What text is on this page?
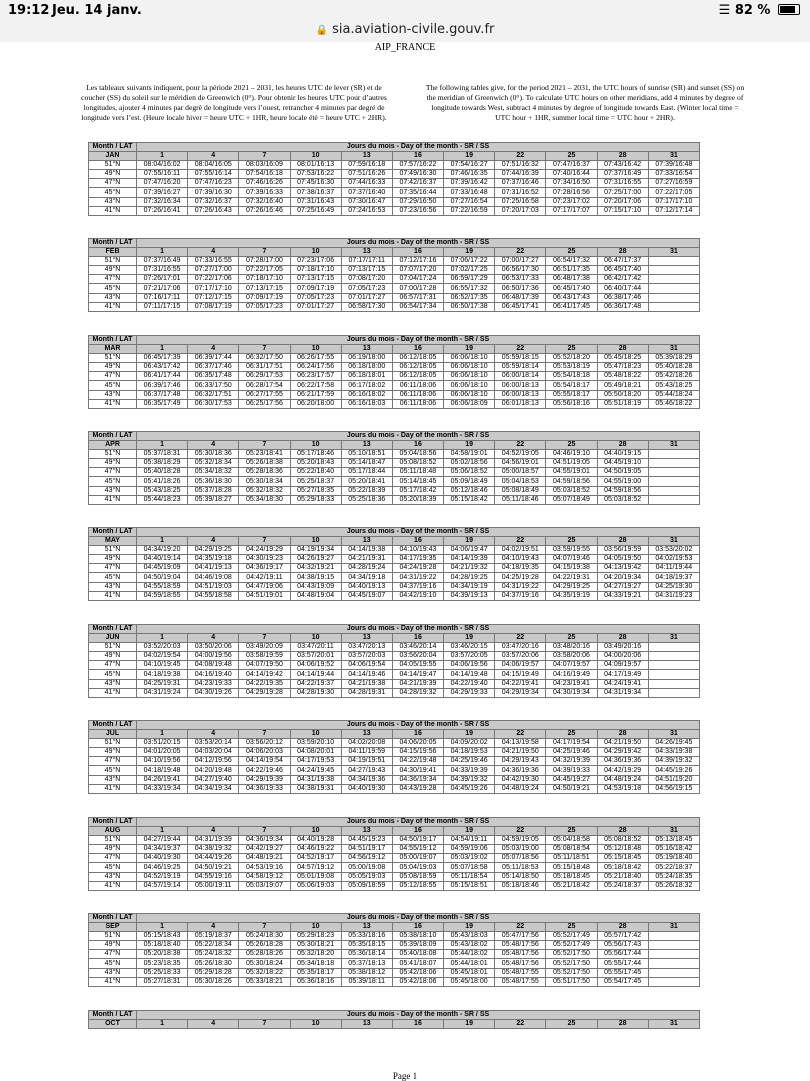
19:12 Jeu. 14 janv.	☰ 82 %
🔒 sia.aviation-civile.gouv.fr
AIP_FRANCE
Les tableaux suivants indiquent, pour la période 2021 – 2031, les heures UTC de lever (SR) et de coucher (SS) du soleil sur le méridien de Greenwich (0°). Pour obtenir les heures UTC pour d’autres longitudes, ajouter 4 minutes par degré de longitude vers l’ouest, retrancher 4 minutes par degré de longitude vers l’est. (Heure locale hiver = heure UTC + 1HR, heure locale été = heure UTC + 2HR).
The following tables give, for the period 2021 – 2031, the UTC hours of sunrise (SR) and sunset (SS) on the meridian of Greenwich (0°). To calculate UTC hours on other meridians, add 4 minutes by degree of longitude towards West, subtract 4 minutes by degree of longitude towards East. (Winter local time = UTC hour + 1HR, summer local time = UTC hour + 2HR).
Month / LAT	Jours du mois - Day of the month - SR / SS										
JAN	1	4	7	10	13	16	19	22	25	28	31
51°N	08:04/16:02	08:04/16:05	08:03/16:09	08:01/16:13	07:59/16:18	07:57/16:22	07:54/16:27	07:51/16:32	07:47/16:37	07:43/16:42	07:39/16:48
49°N	07:55/16:11	07:55/16:14	07:54/16:18	07:53/16:22	07:51/16:26	07:49/16:30	07:46/16:35	07:44/16:39	07:40/16:44	07:37/16:49	07:33/16:54
47°N	07:47/16:20	07:47/16:23	07:46/16:26	07:45/16:30	07:44/16:33	07:42/16:37	07:39/16:42	07:37/16:46	07:34/16:50	07:31/16:55	07:27/16:59
45°N	07:39/16:27	07:39/16:30	07:39/16:33	07:38/16:37	07:37/16:40	07:35/16:44	07:33/16:48	07:31/16:52	07:28/16:56	07:25/17:00	07:22/17:05
43°N	07:32/16:34	07:32/16:37	07:32/16:40	07:31/16:43	07:30/16:47	07:29/16:50	07:27/16:54	07:25/16:58	07:23/17:02	07:20/17:06	07:17/17:10
41°N	07:26/16:41	07:26/16:43	07:26/16:46	07:25/16:49	07:24/16:53	07:23/16:56	07:22/16:59	07:20/17:03	07:17/17:07	07:15/17:10	07:12/17:14
Month / LAT	Jours du mois - Day of the month - SR / SS										
FEB	1	4	7	10	13	16	19	22	25	28	31
51°N	07:37/16:49	07:33/16:55	07:28/17:00	07:23/17:06	07:17/17:11	07:12/17:16	07:06/17:22	07:00/17:27	06:54/17:32	06:47/17:37	
49°N	07:31/16:55	07:27/17:00	07:22/17:05	07:18/17:10	07:13/17:15	07:07/17:20	07:02/17:25	06:56/17:30	06:51/17:35	06:45/17:40	
47°N	07:26/17:01	07:22/17:06	07:18/17:10	07:13/17:15	07:08/17:20	07:04/17:24	06:59/17:29	06:53/17:33	06:48/17:38	06:42/17:42	
45°N	07:21/17:06	07:17/17:10	07:13/17:15	07:09/17:19	07:05/17:23	07:00/17:28	06:55/17:32	06:50/17:36	06:45/17:40	06:40/17:44	
43°N	07:16/17:11	07:12/17:15	07:09/17:19	07:05/17:23	07:01/17:27	06:57/17:31	06:52/17:35	06:48/17:39	06:43/17:43	06:38/17:46	
41°N	07:11/17:15	07:08/17:19	07:05/17:23	07:01/17:27	06:58/17:30	06:54/17:34	06:50/17:38	06:45/17:41	06:41/17:45	06:36/17:48	
Month / LAT	Jours du mois - Day of the month - SR / SS										
MAR	1	4	7	10	13	16	19	22	25	28	31
51°N	06:45/17:39	06:39/17:44	06:32/17:50	06:26/17:55	06:19/18:00	06:12/18:05	06:06/18:10	05:59/18:15	05:52/18:20	05:45/18:25	05:39/18:29
49°N	06:43/17:42	06:37/17:46	06:31/17:51	06:24/17:56	06:18/18:00	06:12/18:05	06:06/18:10	05:59/18:14	05:53/18:19	05:47/18:23	05:40/18:28
47°N	06:41/17:44	06:35/17:48	06:29/17:53	06:23/17:57	06:18/18:01	06:12/18:05	06:06/18:10	06:00/18:14	05:54/18:18	05:48/18:22	05:42/18:26
45°N	06:39/17:46	06:33/17:50	06:28/17:54	06:22/17:58	06:17/18:02	06:11/18:06	06:06/18:10	06:00/18:13	05:54/18:17	05:49/18:21	05:43/18:25
43°N	06:37/17:48	06:32/17:51	06:27/17:55	06:21/17:59	06:16/18:02	06:11/18:06	06:06/18:10	06:00/18:13	05:55/18:17	05:50/18:20	05:44/18:24
41°N	06:35/17:49	06:30/17:53	06:25/17:56	06:20/18:00	06:16/18:03	06:11/18:06	06:06/18:09	06:01/18:13	05:56/18:16	05:51/18:19	05:46/18:22
Month / LAT	Jours du mois - Day of the month - SR / SS										
APR	1	4	7	10	13	16	19	22	25	28	31
51°N	05:37/18:31	05:30/18:36	05:23/18:41	05:17/18:46	05:10/18:51	05:04/18:56	04:58/19:01	04:52/19:05	04:46/19:10	04:40/19:15	
49°N	05:38/18:29	05:32/18:34	05:26/18:38	05:20/18:43	05:14/18:47	05:08/18:52	05:02/18:56	04:56/19:01	04:51/19:05	04:45/19:10	
47°N	05:40/18:28	05:34/18:32	05:28/18:36	05:22/18:40	05:17/18:44	05:11/18:48	05:06/18:52	05:00/18:57	04:55/19:01	04:50/19:05	
45°N	05:41/18:26	05:36/18:30	05:30/18:34	05:25/18:37	05:20/18:41	05:14/18:45	05:09/18:49	05:04/18:53	04:59/18:56	04:55/19:00	
43°N	05:43/18:25	05:37/18:28	05:32/18:32	05:27/18:35	05:22/18:39	05:17/18:42	05:12/18:46	05:08/18:49	05:03/18:52	04:59/18:56	
41°N	05:44/18:23	05:39/18:27	05:34/18:30	05:29/18:33	05:25/18:36	05:20/18:39	05:15/18:42	05:11/18:46	05:07/18:49	05:03/18:52	
Month / LAT	Jours du mois - Day of the month - SR / SS										
MAY	1	4	7	10	13	16	19	22	25	28	31
51°N	04:34/19:20	04:29/19:25	04:24/19:29	04:19/19:34	04:14/19:38	04:10/19:43	04:06/19:47	04:02/19:51	03:59/19:55	03:56/19:59	03:53/20:02
49°N	04:40/19:14	04:35/19:18	04:30/19:23	04:26/19:27	04:21/19:31	04:17/19:35	04:14/19:39	04:10/19:43	04:07/19:46	04:05/19:50	04:02/19:53
47°N	04:45/19:09	04:41/19:13	04:36/19:17	04:32/19:21	04:28/19:24	04:24/19:28	04:21/19:32	04:18/19:35	04:15/19:38	04:13/19:42	04:11/19:44
45°N	04:50/19:04	04:46/19:08	04:42/19:11	04:38/19:15	04:34/19:18	04:31/19:22	04:28/19:25	04:25/19:28	04:22/19:31	04:20/19:34	04:18/19:37
43°N	04:55/18:59	04:51/19:03	04:47/19:06	04:43/19:09	04:40/19:13	04:37/19:16	04:34/19:19	04:31/19:22	04:29/19:25	04:27/19:27	04:25/19:30
41°N	04:59/18:55	04:55/18:58	04:51/19:01	04:48/19:04	04:45/19:07	04:42/19:10	04:39/19:13	04:37/19:16	04:35/19:19	04:33/19:21	04:31/19:23
Month / LAT	Jours du mois - Day of the month - SR / SS										
JUN	1	4	7	10	13	16	19	22	25	28	31
51°N	03:52/20:03	03:50/20:06	03:49/20:09	03:47/20:11	03:47/20:13	03:46/20:14	03:46/20:15	03:47/20:16	03:48/20:16	03:49/20:16	
49°N	04:02/19:54	04:00/19:56	03:58/19:59	03:57/20:01	03:57/20:03	03:56/20:04	03:57/20:05	03:57/20:06	03:58/20:06	04:00/20:06	
47°N	04:10/19:45	04:08/19:48	04:07/19:50	04:06/19:52	04:06/19:54	04:05/19:55	04:06/19:56	04:06/19:57	04:07/19:57	04:09/19:57	
45°N	04:18/19:38	04:16/19:40	04:14/19:42	04:14/19:44	04:14/19:46	04:14/19:47	04:14/19:48	04:15/19:49	04:16/19:49	04:17/19:49	
43°N	04:25/19:31	04:23/19:33	04:22/19:35	04:22/19:37	04:21/19:38	04:21/19:39	04:22/19:40	04:22/19:41	04:23/19:41	04:24/19:41	
41°N	04:31/19:24	04:30/19:26	04:29/19:28	04:28/19:30	04:28/19:31	04:28/19:32	04:29/19:33	04:29/19:34	04:30/19:34	04:31/19:34	
Month / LAT	Jours du mois - Day of the month - SR / SS										
JUL	1	4	7	10	13	16	19	22	25	28	31
51°N	03:51/20:15	03:53/20:14	03:56/20:12	03:59/20:10	04:02/20:08	04:06/20:05	04:09/20:02	04:13/19:58	04:17/19:54	04:21/19:50	04:26/19:45
49°N	04:01/20:05	04:03/20:04	04:06/20:03	04:08/20:01	04:11/19:59	04:15/19:56	04:18/19:53	04:21/19:50	04:25/19:46	04:29/19:42	04:33/19:38
47°N	04:10/19:56	04:12/19:56	04:14/19:54	04:17/19:53	04:19/19:51	04:22/19:48	04:25/19:46	04:29/19:43	04:32/19:39	04:36/19:36	04:39/19:32
45°N	04:18/19:48	04:20/19:48	04:22/19:46	04:24/19:45	04:27/19:43	04:30/19:41	04:33/19:39	04:36/19:36	04:39/19:33	04:42/19:29	04:45/19:26
43°N	04:26/19:41	04:27/19:40	04:29/19:39	04:31/19:38	04:34/19:36	04:36/19:34	04:39/19:32	04:42/19:30	04:45/19:27	04:48/19:24	04:51/19:20
41°N	04:33/19:34	04:34/19:34	04:36/19:33	04:38/19:31	04:40/19:30	04:43/19:28	04:45/19:26	04:48/19:24	04:50/19:21	04:53/19:18	04:56/19:15
Month / LAT	Jours du mois - Day of the month - SR / SS										
AUG	1	4	7	10	13	16	19	22	25	28	31
51°N	04:27/19:44	04:31/19:39	04:36/19:34	04:40/19:28	04:45/19:23	04:50/19:17	04:54/19:11	04:59/19:05	05:04/18:58	05:08/18:52	05:13/18:45
49°N	04:34/19:37	04:38/19:32	04:42/19:27	04:46/19:22	04:51/19:17	04:55/19:12	04:59/19:06	05:03/19:00	05:08/18:54	05:12/18:48	05:16/18:42
47°N	04:40/19:30	04:44/19:26	04:48/19:21	04:52/19:17	04:56/19:12	05:00/19:07	05:03/19:02	05:07/18:56	05:11/18:51	05:15/18:45	05:19/18:40
45°N	04:46/19:25	04:50/19:21	04:53/19:16	04:57/19:12	05:00/19:08	05:04/19:03	05:07/18:58	05:11/18:53	05:15/18:48	05:18/18:42	05:22/18:37
43°N	04:52/19:19	04:55/19:16	04:58/19:12	05:01/19:08	05:05/19:03	05:08/18:59	05:11/18:54	05:14/18:50	05:18/18:45	05:21/18:40	05:24/18:35
41°N	04:57/19:14	05:00/19:11	05:03/19:07	05:06/19:03	05:09/18:59	05:12/18:55	05:15/18:51	05:18/18:46	05:21/18:42	05:24/18:37	05:26/18:32
Month / LAT	Jours du mois - Day of the month - SR / SS										
SEP	1	4	7	10	13	16	19	22	25	28	31
51°N	05:15/18:43	05:19/18:37	05:24/18:30	05:29/18:23	05:33/18:16	05:38/18:10	05:43/18:03	05:47/17:56	05:52/17:49	05:57/17:42	
49°N	05:18/18:40	05:22/18:34	05:26/18:28	05:30/18:21	05:35/18:15	05:39/18:09	05:43/18:02	05:48/17:56	05:52/17:49	05:56/17:43	
47°N	05:20/18:38	05:24/18:32	05:28/18:26	05:32/18:20	05:36/18:14	05:40/18:08	05:44/18:02	05:48/17:56	05:52/17:50	05:56/17:44	
45°N	05:23/18:35	05:26/18:30	05:30/18:24	05:34/18:18	05:37/18:13	05:41/18:07	05:44/18:01	05:48/17:56	05:52/17:50	05:55/17:44	
43°N	05:25/18:33	05:29/18:28	05:32/18:22	05:35/18:17	05:38/18:12	05:42/18:06	05:45/18:01	05:48/17:55	05:52/17:50	05:55/17:45	
41°N	05:27/18:31	05:30/18:26	05:33/18:21	05:36/18:16	05:39/18:11	05:42/18:06	05:45/18:00	05:48/17:55	05:51/17:50	05:54/17:45	
Month / LAT	Jours du mois - Day of the month - SR / SS										
OCT	1	4	7	10	13	16	19	22	25	28	31
Page 1
